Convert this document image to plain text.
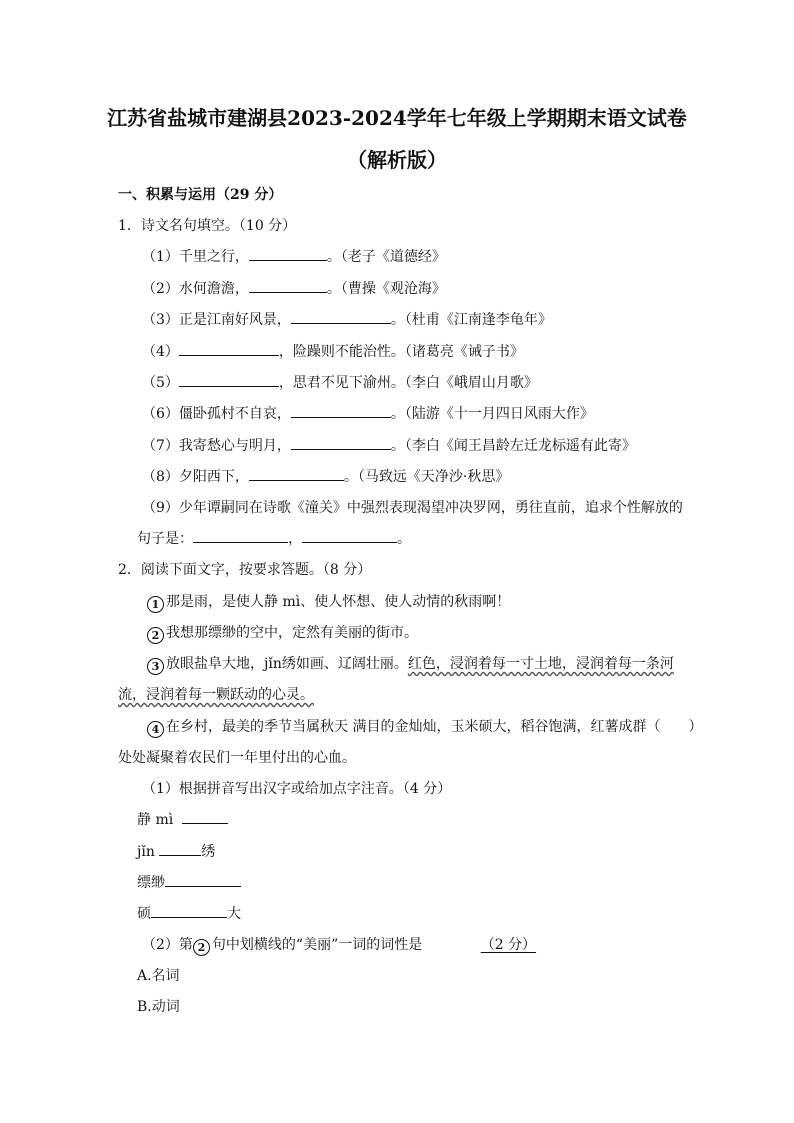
江苏省盐城市建湖县2023-2024学年七年级上学期期末语文试卷
（解析版）
一、积累与运用（29 分）
1．诗文名句填空。（10 分）
（1）千里之行，	。（老子《道德经》
（2）水何澹澹，	。（曹操《观沧海》
（3）正是江南好风景，	。（杜甫《江南逢李龟年》
（4）	，险躁则不能治性。（诸葛亮《诫子书》
（5）	，思君不见下渝州。（李白《峨眉山月歌》
（6）僵卧孤村不自哀，	。（陆游《十一月四日风雨大作》
（7）我寄愁心与明月，	。（李白《闻王昌龄左迁龙标遥有此寄》
（8）夕阳西下，	。（马致远《天净沙·秋思》
（9）少年谭嗣同在诗歌《潼关》中强烈表现渴望冲决罗网，勇往直前，追求个性解放的
句子是：	，	。
2．阅读下面文字，按要求答题。（8 分）
1 那是雨，是使人静 mì、使人怀想、使人动情的秋雨啊！
2 我想那缥缈的空中，定然有美丽的街市。
3 放眼盐阜大地，jǐn绣如画、辽阔壮丽。红色，浸润着每一寸土地，浸润着每一条河
流，浸润着每一颗跃动的心灵。
4 在乡村，最美的季节当属秋天 满目的金灿灿，玉米硕大，稻谷饱满，红薯成群（　　）
处处凝聚着农民们一年里付出的心血。
（1）根据拼音写出汉字或给加点字注音。（4 分）
静 mì
jǐn	绣
缥缈
硕	大
（2）第 2 句中划横线的“美丽”一词的词性是	（2 分）
A.名词
B.动词
